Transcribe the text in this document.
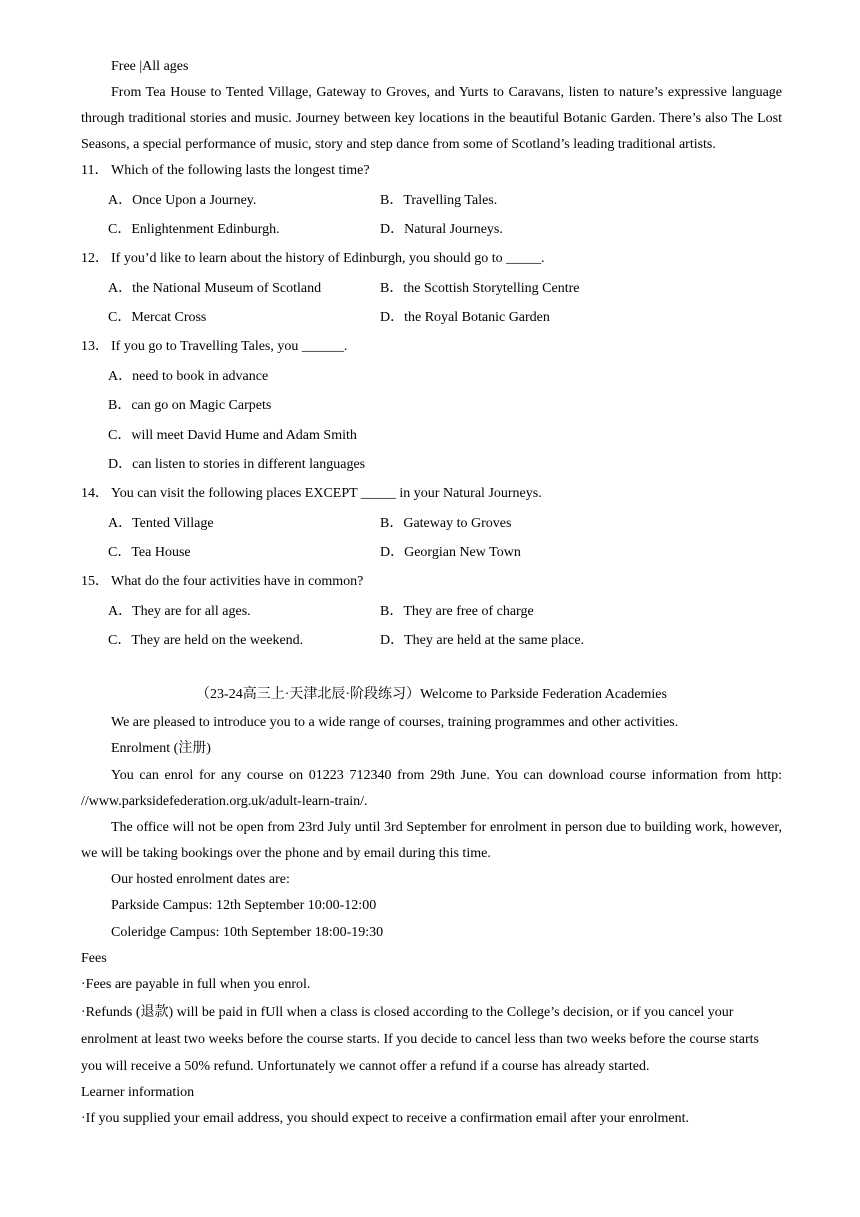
Free |All ages

From Tea House to Tented Village, Gateway to Groves, and Yurts to Caravans, listen to nature’s expressive language through traditional stories and music. Journey between key locations in the beautiful Botanic Garden. There’s also The Lost Seasons, a special performance of music, story and step dance from some of Scotland’s leading traditional artists.

11． Which of the following lasts the longest time?
A．Once Upon a Journey.	B．Travelling Tales.
C．Enlightenment Edinburgh.	D．Natural Journeys.
12． If you’d like to learn about the history of Edinburgh, you should go to _____.
A．the National Museum of Scotland	B．the Scottish Storytelling Centre
C．Mercat Cross	D．the Royal Botanic Garden
13． If you go to Travelling Tales, you ______.
A．need to book in advance
B．can go on Magic Carpets
C．will meet David Hume and Adam Smith
D．can listen to stories in different languages
14． You can visit the following places EXCEPT _____ in your Natural Journeys.
A．Tented Village	B．Gateway to Groves
C．Tea House	D．Georgian New Town
15． What do the four activities have in common?
A．They are for all ages.	B．They are free of charge
C．They are held on the weekend.	D．They are held at the same place.
（23-24高三上·天津北辰·阶段练习）Welcome to Parkside Federation Academies

We are pleased to introduce you to a wide range of courses, training programmes and other activities.

Enrolment (注册)

You can enrol for any course on 01223 712340 from 29th June. You can download course information from http: //www.parksidefederation.org.uk/adult-learn-train/.

The office will not be open from 23rd July until 3rd September for enrolment in person due to building work, however, we will be taking bookings over the phone and by email during this time.

Our hosted enrolment dates are:

Parkside Campus: 12th September 10:00-12:00

Coleridge Campus: 10th September 18:00-19:30

Fees

·Fees are payable in full when you enrol.

·Refunds (退款) will be paid in fUll when a class is closed according to the College’s decision, or if you cancel your enrolment at least two weeks before the course starts. If you decide to cancel less than two weeks before the course starts you will receive a 50% refund. Unfortunately we cannot offer a refund if a course has already started.

Learner information

·If you supplied your email address, you should expect to receive a confirmation email after your enrolment.
